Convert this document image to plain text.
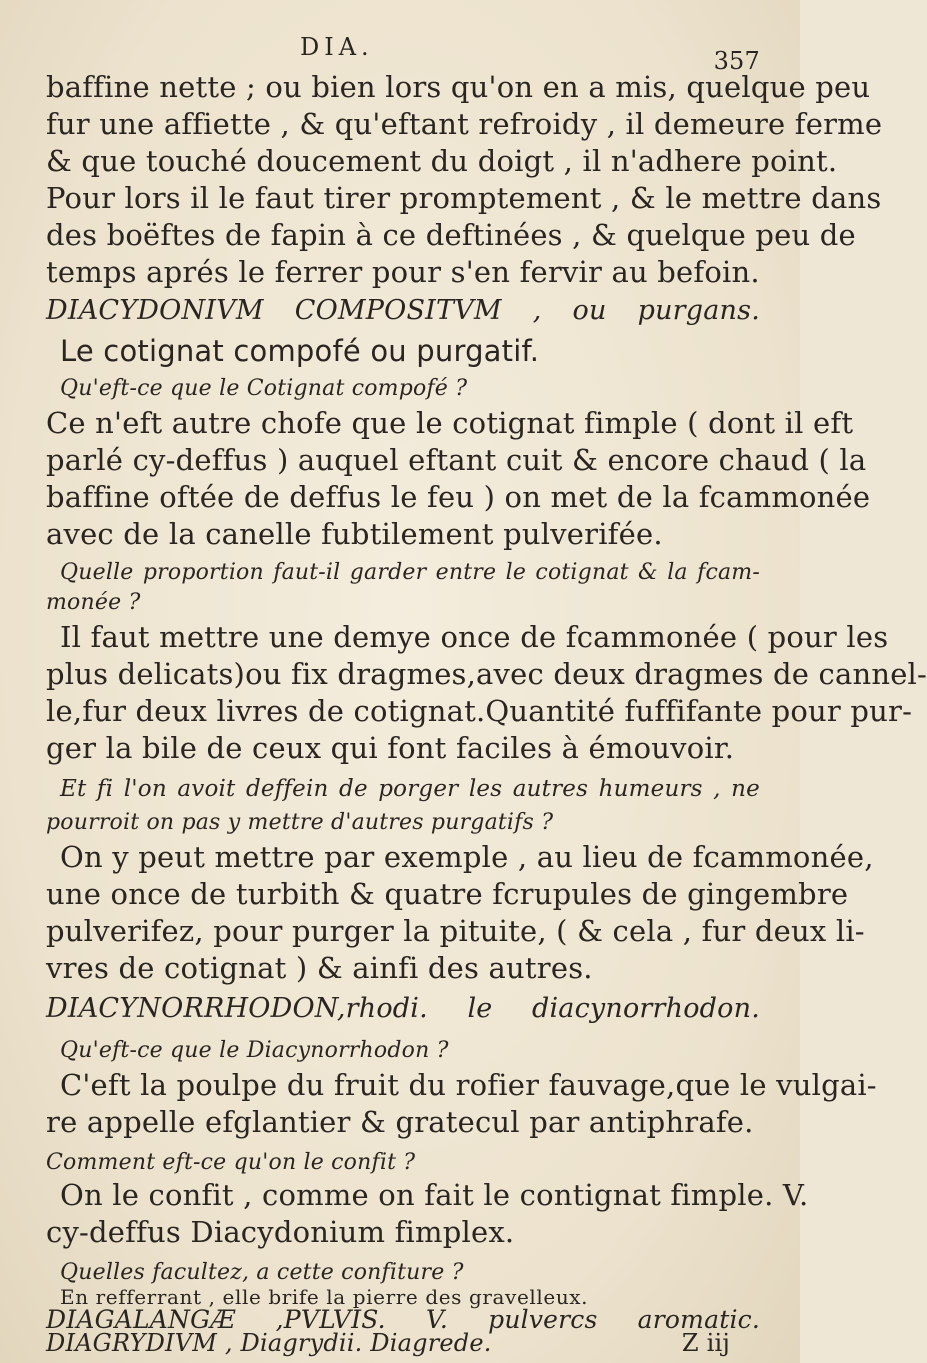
DIA.	357
baffine nette ; ou bien lors qu'on en a mis, quelque peu
fur une affiette , & qu'eftant refroidy , il demeure ferme
& que touché doucement du doigt , il n'adhere point.
Pour lors il le faut tirer promptement , & le mettre dans
des boëftes de fapin à ce deftinées , & quelque peu de
temps aprés le ferrer pour s'en fervir au befoin.
DIACYDONIVM COMPOSITVM , ou purgans.
Le cotignat compofé ou purgatif.
Qu'eft-ce que le Cotignat compofé ?
Ce n'eft autre chofe que le cotignat fimple ( dont il eft
parlé cy-deffus ) auquel eftant cuit & encore chaud ( la
baffine oftée de deffus le feu ) on met de la fcammonée
avec de la canelle fubtilement pulverifée.
Quelle proportion faut-il garder entre le cotignat & la fcam-
monée ?
Il faut mettre une demye once de fcammonée ( pour les
plus delicats)ou fix dragmes,avec deux dragmes de cannel-
le,fur deux livres de cotignat.Quantité fuffifante pour pur-
ger la bile de ceux qui font faciles à émouvoir.
Et fi l'on avoit deffein de porger les autres humeurs , ne
pourroit on pas y mettre d'autres purgatifs ?
On y peut mettre par exemple , au lieu de fcammonée,
une once de turbith & quatre fcrupules de gingembre
pulverifez, pour purger la pituite, ( & cela , fur deux li-
vres de cotignat ) & ainfi des autres.
DIACYNORRHODON,rhodi. le diacynorrhodon.
Qu'eft-ce que le Diacynorrhodon ?
C'eft la poulpe du fruit du rofier fauvage,que le vulgai-
re appelle efglantier & gratecul par antiphrafe.
Comment eft-ce qu'on le confit ?
On le confit , comme on fait le contignat fimple. V.
cy-deffus Diacydonium fimplex.
Quelles facultez, a cette confiture ?
En refferrant , elle brife la pierre des gravelleux.
DIAGALANGÆ ,PVLVIS. V. pulvercs aromatic.
DIAGRYDIVM , Diagrydii. Diagrede.	Z iij
